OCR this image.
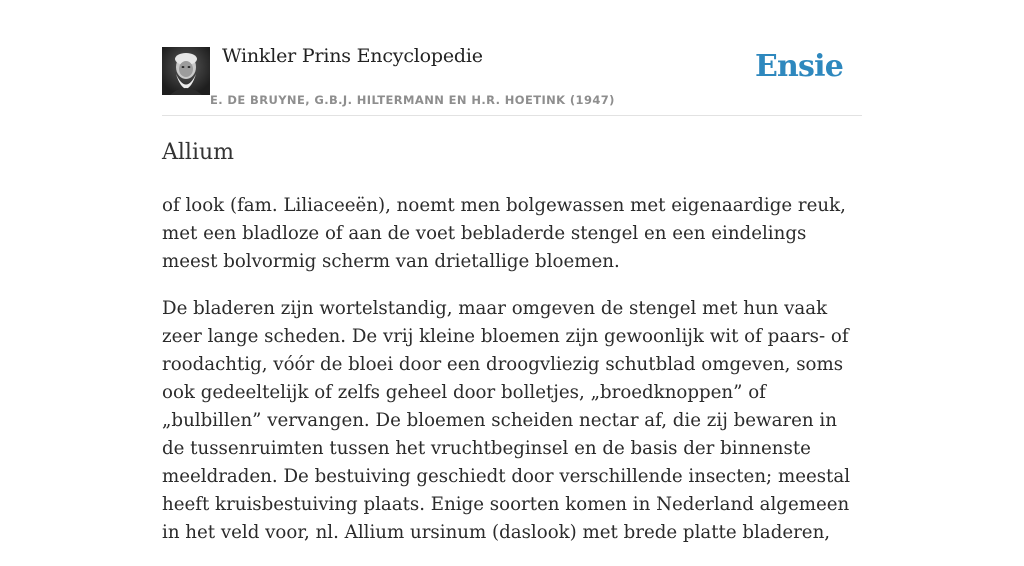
Winkler Prins Encyclopedie
E. DE BRUYNE, G.B.J. HILTERMANN EN H.R. HOETINK (1947)
Ensie
Allium

of look (fam. Liliaceeën), noemt men bolgewassen met eigenaardige reuk, met een bladloze of aan de voet bebladerde stengel en een eindelings meest bolvormig scherm van drietallige bloemen.

De bladeren zijn wortelstandig, maar omgeven de stengel met hun vaak zeer lange scheden. De vrij kleine bloemen zijn gewoonlijk wit of paars- of roodachtig, vóór de bloei door een droogvliezig schutblad omgeven, soms ook gedeeltelijk of zelfs geheel door bolletjes, „broedknoppen” of „bulbillen” vervangen. De bloemen scheiden nectar af, die zij bewaren in de tussenruimten tussen het vruchtbeginsel en de basis der binnenste meeldraden. De bestuiving geschiedt door verschillende insecten; meestal heeft kruisbestuiving plaats. Enige soorten komen in Nederland algemeen in het veld voor, nl. Allium ursinum (daslook) met brede platte bladeren,
